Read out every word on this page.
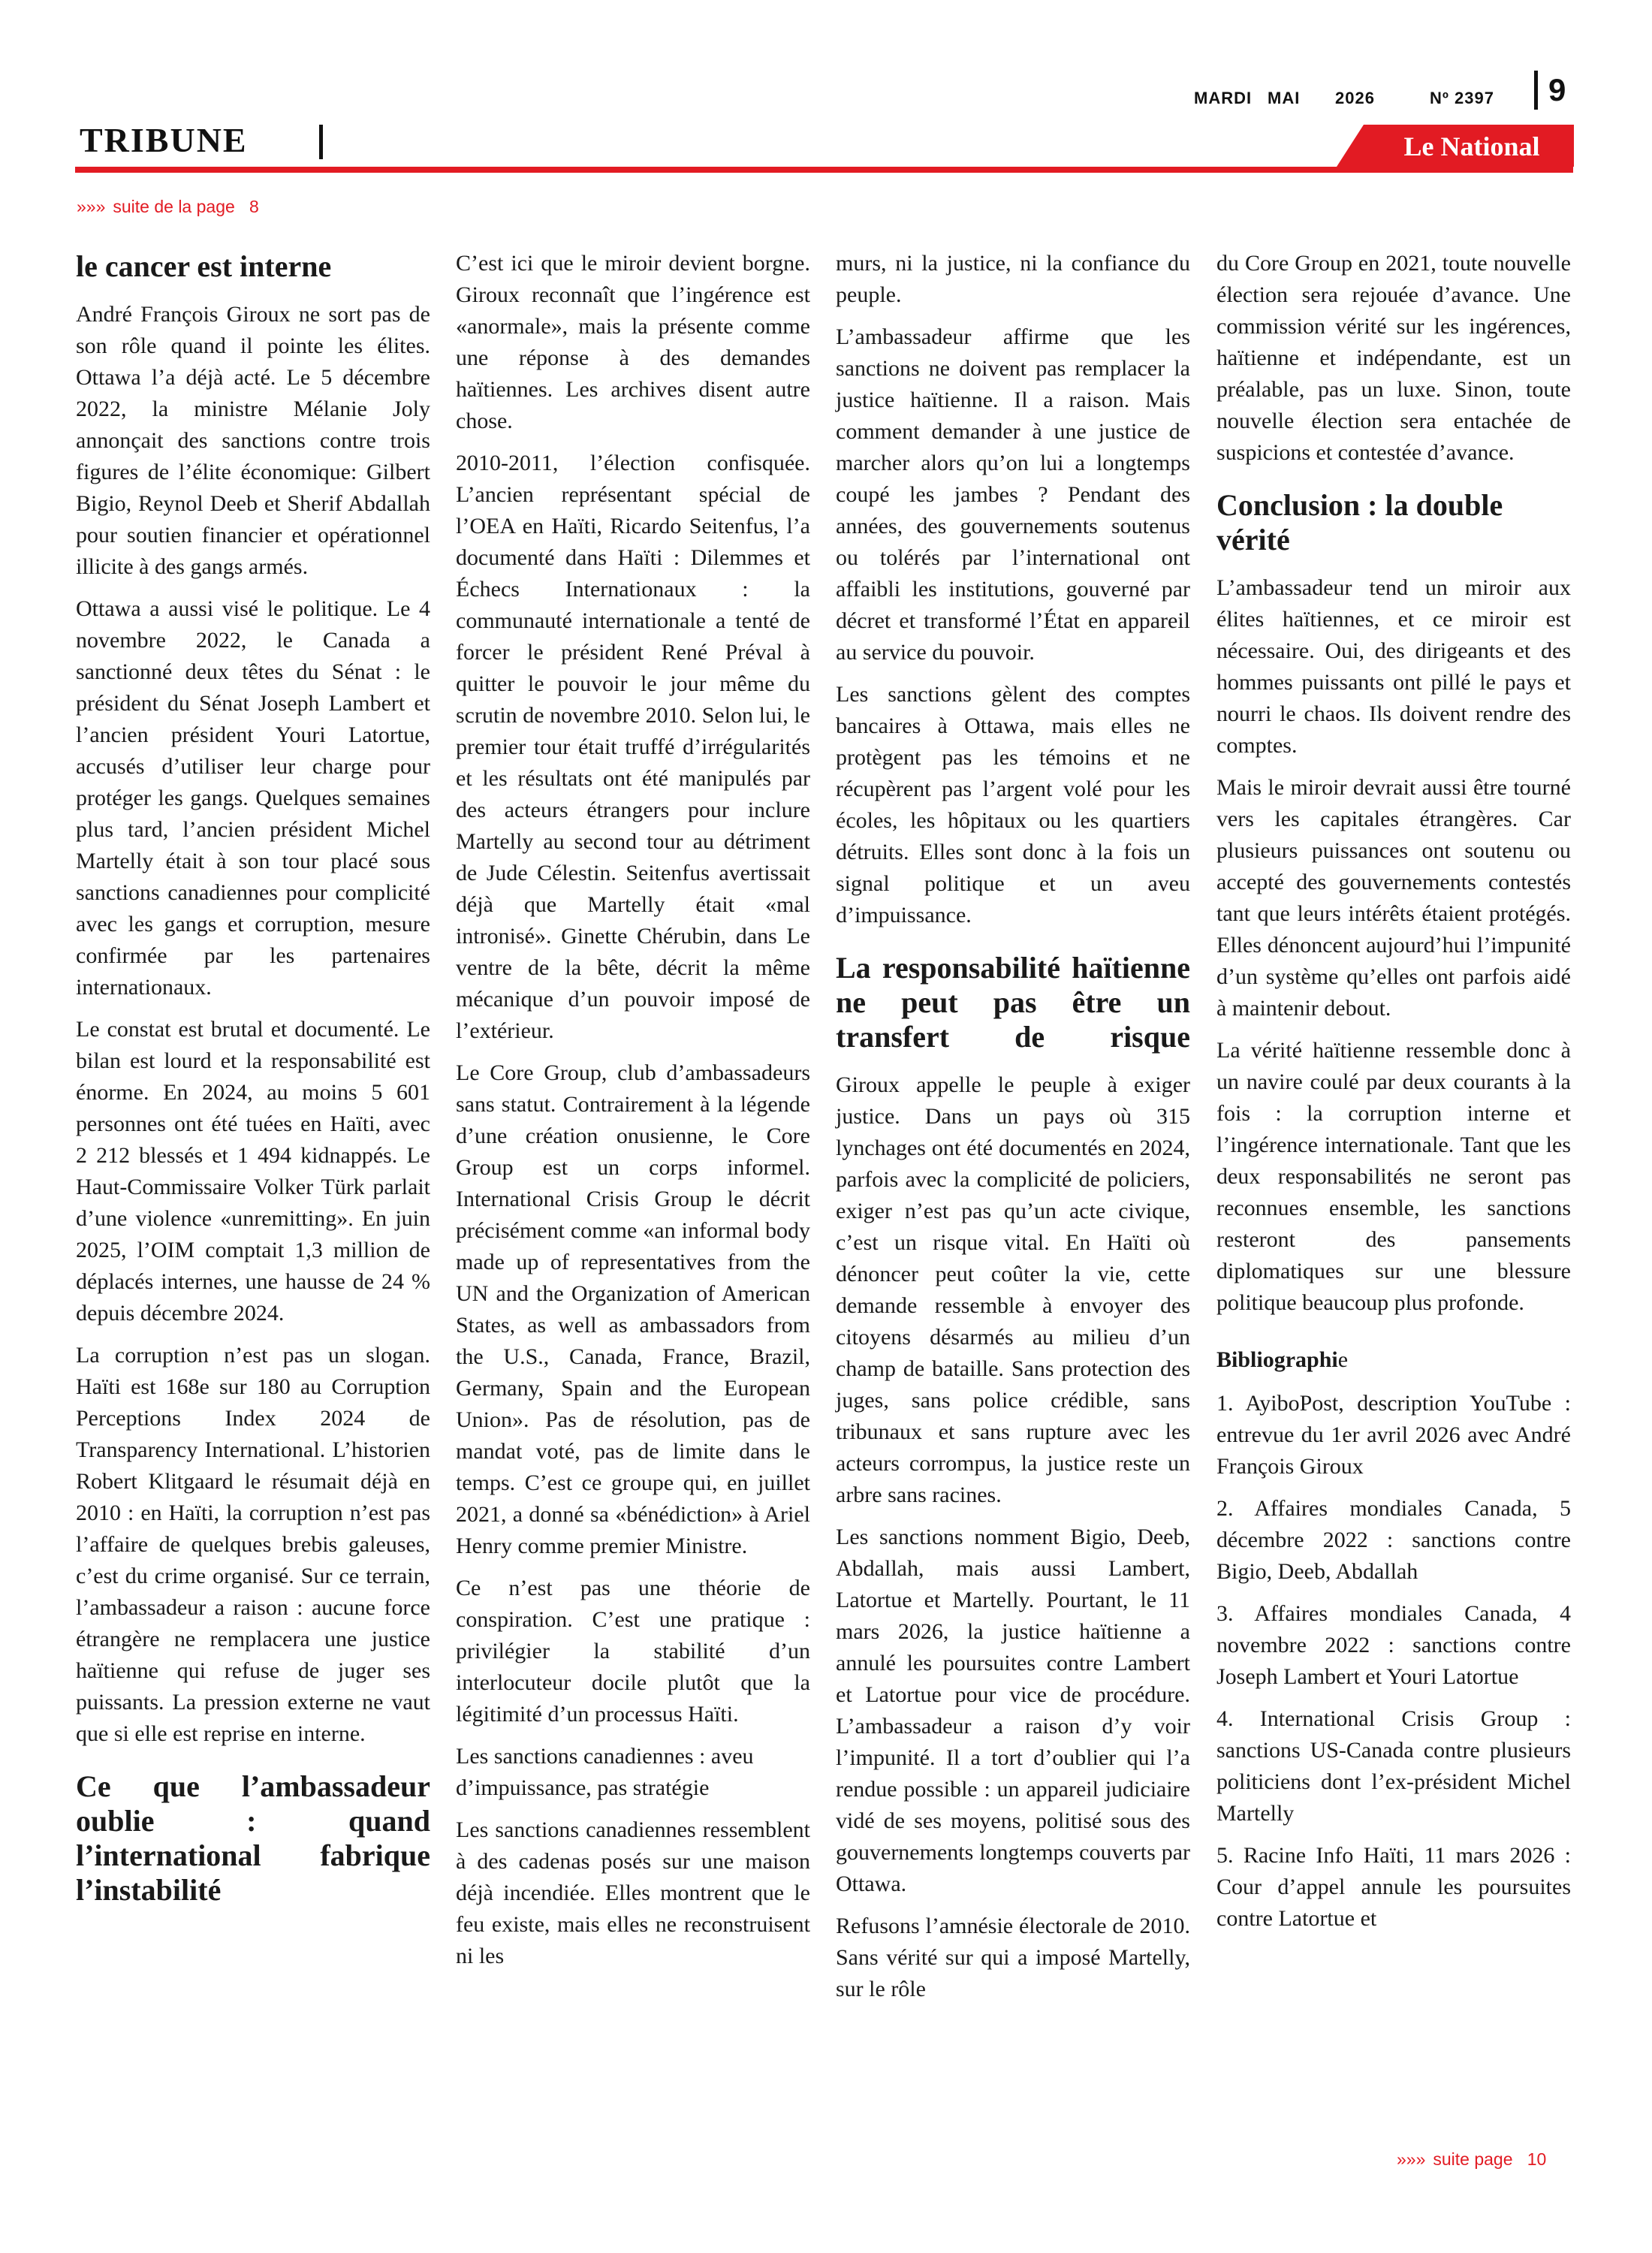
MARDI MAI 2026	Nº 2397 9
TRIBUNE	Le National
»»» suite de la page 8
le cancer est interne

André François Giroux ne sort pas de son rôle quand il pointe les élites. Ottawa l’a déjà acté. Le 5 décembre 2022, la ministre Mélanie Joly annonçait des sanctions contre trois figures de l’élite économique: Gilbert Bigio, Reynol Deeb et Sherif Abdallah pour soutien financier et opérationnel illicite à des gangs armés.

Ottawa a aussi visé le politique. Le 4 novembre 2022, le Canada a sanctionné deux têtes du Sénat : le président du Sénat Joseph Lambert et l’ancien président Youri Latortue, accusés d’utiliser leur charge pour protéger les gangs. Quelques semaines plus tard, l’ancien président Michel Martelly était à son tour placé sous sanctions canadiennes pour complicité avec les gangs et corruption, mesure confirmée par les partenaires internationaux.

Le constat est brutal et documenté. Le bilan est lourd et la responsabilité est énorme. En 2024, au moins 5 601 personnes ont été tuées en Haïti, avec 2 212 blessés et 1 494 kidnappés. Le Haut-Commissaire Volker Türk parlait d’une violence «unremitting». En juin 2025, l’OIM comptait 1,3 million de déplacés internes, une hausse de 24 % depuis décembre 2024.

La corruption n’est pas un slogan. Haïti est 168e sur 180 au Corruption Perceptions Index 2024 de Transparency International. L’historien Robert Klitgaard le résumait déjà en 2010 : en Haïti, la corruption n’est pas l’affaire de quelques brebis galeuses, c’est du crime organisé. Sur ce terrain, l’ambassadeur a raison : aucune force étrangère ne remplacera une justice haïtienne qui refuse de juger ses puissants. La pression externe ne vaut que si elle est reprise en interne.

Ce que l’ambassadeur oublie : quand l’international fabrique l’instabilité

C’est ici que le miroir devient borgne. Giroux reconnaît que l’ingérence est «anormale», mais la présente comme une réponse à des demandes haïtiennes. Les archives disent autre chose.

2010-2011, l’élection confisquée. L’ancien représentant spécial de l’OEA en Haïti, Ricardo Seitenfus, l’a documenté dans Haïti : Dilemmes et Échecs Internationaux : la communauté internationale a tenté de forcer le président René Préval à quitter le pouvoir le jour même du scrutin de novembre 2010. Selon lui, le premier tour était truffé d’irrégularités et les résultats ont été manipulés par des acteurs étrangers pour inclure Martelly au second tour au détriment de Jude Célestin. Seitenfus avertissait déjà que Martelly était «mal intronisé». Ginette Chérubin, dans Le ventre de la bête, décrit la même mécanique d’un pouvoir imposé de l’extérieur.

Le Core Group, club d’ambassadeurs sans statut. Contrairement à la légende d’une création onusienne, le Core Group est un corps informel. International Crisis Group le décrit précisément comme «an informal body made up of representatives from the UN and the Organization of American States, as well as ambassadors from the U.S., Canada, France, Brazil, Germany, Spain and the European Union». Pas de résolution, pas de mandat voté, pas de limite dans le temps. C’est ce groupe qui, en juillet 2021, a donné sa «bénédiction» à Ariel Henry comme premier Ministre.

Ce n’est pas une théorie de conspiration. C’est une pratique : privilégier la stabilité d’un interlocuteur docile plutôt que la légitimité d’un processus Haïti.

Les sanctions canadiennes : aveu d’impuissance, pas stratégie

Les sanctions canadiennes ressemblent à des cadenas posés sur une maison déjà incendiée. Elles montrent que le feu existe, mais elles ne reconstruisent ni les

murs, ni la justice, ni la confiance du peuple.

L’ambassadeur affirme que les sanctions ne doivent pas remplacer la justice haïtienne. Il a raison. Mais comment demander à une justice de marcher alors qu’on lui a longtemps coupé les jambes ? Pendant des années, des gouvernements soutenus ou tolérés par l’international ont affaibli les institutions, gouverné par décret et transformé l’État en appareil au service du pouvoir.

Les sanctions gèlent des comptes bancaires à Ottawa, mais elles ne protègent pas les témoins et ne récupèrent pas l’argent volé pour les écoles, les hôpitaux ou les quartiers détruits. Elles sont donc à la fois un signal politique et un aveu d’impuissance.

La responsabilité haïtienne ne peut pas être un transfert de risque

Giroux appelle le peuple à exiger justice. Dans un pays où 315 lynchages ont été documentés en 2024, parfois avec la complicité de policiers, exiger n’est pas qu’un acte civique, c’est un risque vital. En Haïti où dénoncer peut coûter la vie, cette demande ressemble à envoyer des citoyens désarmés au milieu d’un champ de bataille. Sans protection des juges, sans police crédible, sans tribunaux et sans rupture avec les acteurs corrompus, la justice reste un arbre sans racines.

Les sanctions nomment Bigio, Deeb, Abdallah, mais aussi Lambert, Latortue et Martelly. Pourtant, le 11 mars 2026, la justice haïtienne a annulé les poursuites contre Lambert et Latortue pour vice de procédure. L’ambassadeur a raison d’y voir l’impunité. Il a tort d’oublier qui l’a rendue possible : un appareil judiciaire vidé de ses moyens, politisé sous des gouvernements longtemps couverts par Ottawa.

Refusons l’amnésie électorale de 2010. Sans vérité sur qui a imposé Martelly, sur le rôle

du Core Group en 2021, toute nouvelle élection sera rejouée d’avance. Une commission vérité sur les ingérences, haïtienne et indépendante, est un préalable, pas un luxe. Sinon, toute nouvelle élection sera entachée de suspicions et contestée d’avance.

Conclusion : la double vérité

L’ambassadeur tend un miroir aux élites haïtiennes, et ce miroir est nécessaire. Oui, des dirigeants et des hommes puissants ont pillé le pays et nourri le chaos. Ils doivent rendre des comptes.

Mais le miroir devrait aussi être tourné vers les capitales étrangères. Car plusieurs puissances ont soutenu ou accepté des gouvernements contestés tant que leurs intérêts étaient protégés. Elles dénoncent aujourd’hui l’impunité d’un système qu’elles ont parfois aidé à maintenir debout.

La vérité haïtienne ressemble donc à un navire coulé par deux courants à la fois : la corruption interne et l’ingérence internationale. Tant que les deux responsabilités ne seront pas reconnues ensemble, les sanctions resteront des pansements diplomatiques sur une blessure politique beaucoup plus profonde.

Bibliographie

1. AyiboPost, description YouTube : entrevue du 1er avril 2026 avec André François Giroux

2. Affaires mondiales Canada, 5 décembre 2022 : sanctions contre Bigio, Deeb, Abdallah

3. Affaires mondiales Canada, 4 novembre 2022 : sanctions contre Joseph Lambert et Youri Latortue

4. International Crisis Group : sanctions US-Canada contre plusieurs politiciens dont l’ex-président Michel Martelly

5. Racine Info Haïti, 11 mars 2026 : Cour d’appel annule les poursuites contre Latortue et

»»» suite page 10
